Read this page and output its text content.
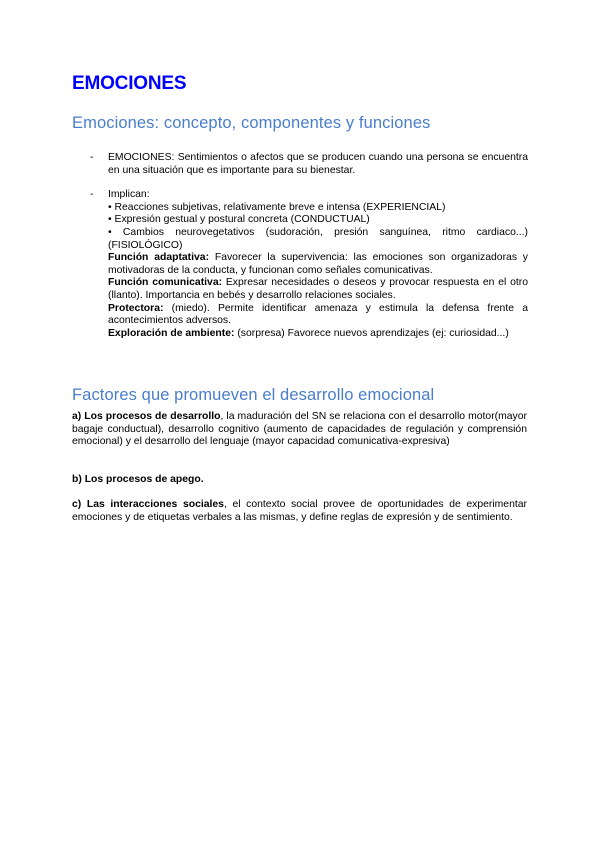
EMOCIONES
Emociones: concepto, componentes y funciones
- EMOCIONES: Sentimientos o afectos que se producen cuando una persona se encuentra en una situación que es importante para su bienestar.
- Implican:
• Reacciones subjetivas, relativamente breve e intensa (EXPERIENCIAL)
• Expresión gestual y postural concreta (CONDUCTUAL)
• Cambios neurovegetativos (sudoración, presión sanguínea, ritmo cardiaco...) (FISIOLÓGICO)
Función adaptativa: Favorecer la supervivencia: las emociones son organizadoras y motivadoras de la conducta, y funcionan como señales comunicativas.
Función comunicativa: Expresar necesidades o deseos y provocar respuesta en el otro (llanto). Importancia en bebés y desarrollo relaciones sociales.
Protectora: (miedo). Permite identificar amenaza y estimula la defensa frente a acontecimientos adversos.
Exploración de ambiente: (sorpresa) Favorece nuevos aprendizajes (ej: curiosidad...)
Factores que promueven el desarrollo emocional

a) Los procesos de desarrollo, la maduración del SN se relaciona con el desarrollo motor(mayor bagaje conductual), desarrollo cognitivo (aumento de capacidades de regulación y comprensión emocional) y el desarrollo del lenguaje (mayor capacidad comunicativa-expresiva)

b) Los procesos de apego.

c) Las interacciones sociales, el contexto social provee de oportunidades de experimentar emociones y de etiquetas verbales a las mismas, y define reglas de expresión y de sentimiento.
